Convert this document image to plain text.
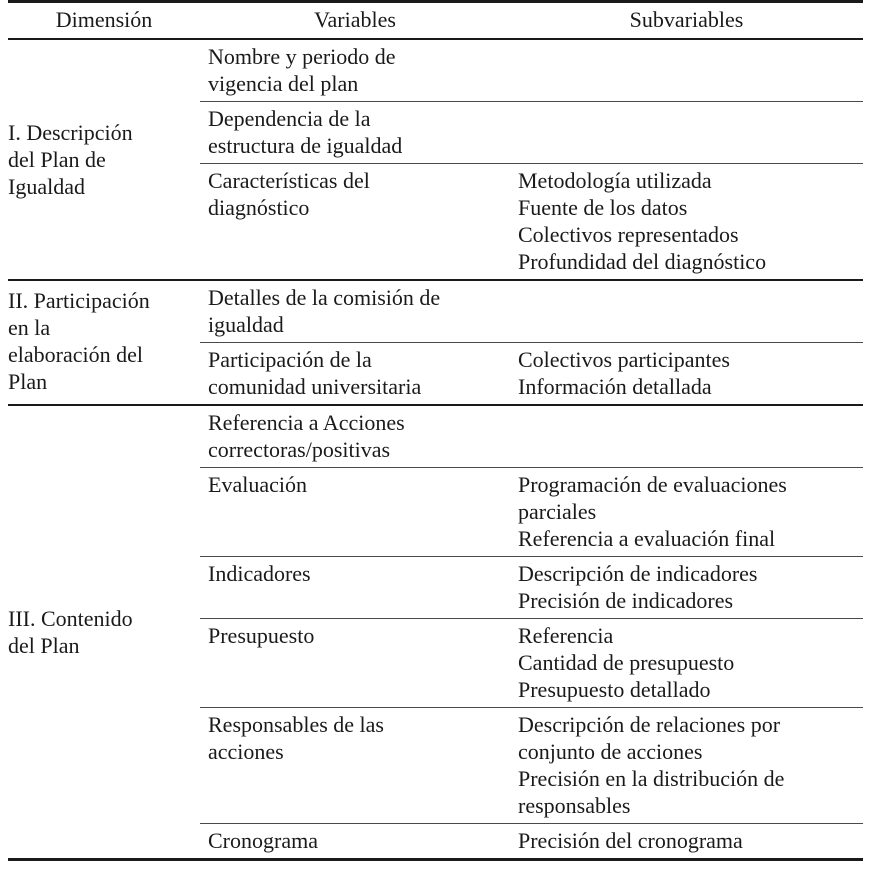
Dimensión	Variables	Subvariables

I. Descripción
del Plan de
Igualdad	Nombre y periodo de
vigencia del plan	

	Dependencia de la
estructura de igualdad	

	Características del
diagnóstico	Metodología utilizada
Fuente de los datos
Colectivos representados
Profundidad del diagnóstico

II. Participación
en la
elaboración del
Plan	Detalles de la comisión de
igualdad	

	Participación de la
comunidad universitaria	Colectivos participantes
Información detallada

III. Contenido
del Plan	Referencia a Acciones
correctoras/positivas	

	Evaluación	Programación de evaluaciones
parciales
Referencia a evaluación final

	Indicadores	Descripción de indicadores
Precisión de indicadores

	Presupuesto	Referencia
Cantidad de presupuesto
Presupuesto detallado

	Responsables de las
acciones	Descripción de relaciones por
conjunto de acciones
Precisión en la distribución de
responsables

	Cronograma	Precisión del cronograma
